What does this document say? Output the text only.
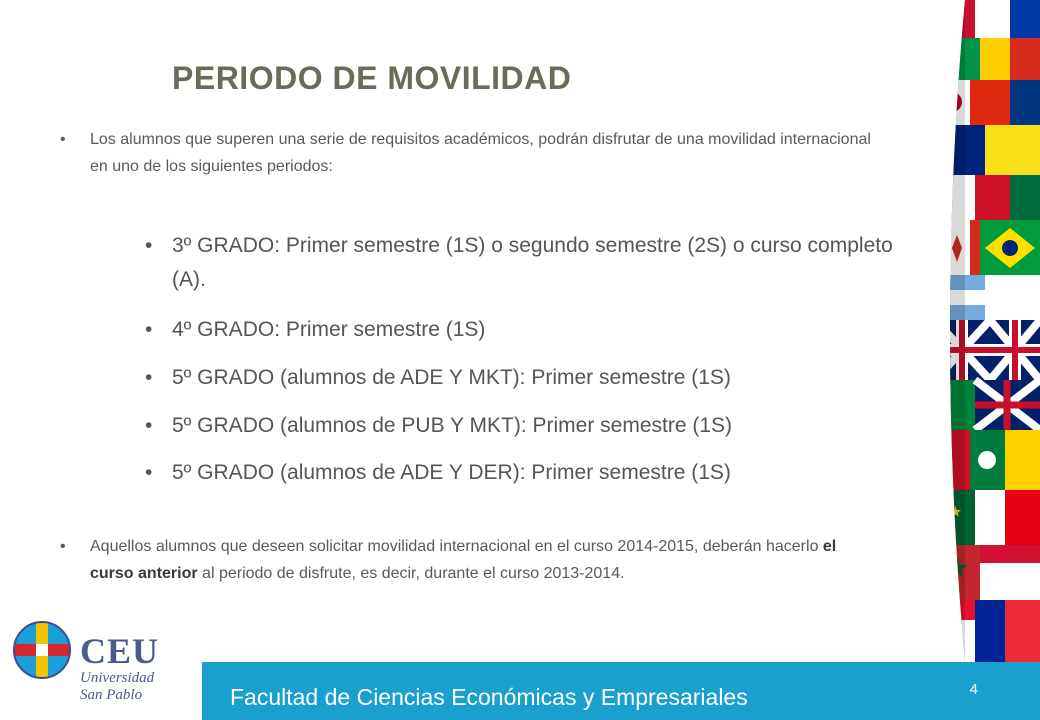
PERIODO DE MOVILIDAD
• Los alumnos que superen una serie de requisitos académicos, podrán disfrutar de una movilidad internacional en uno de los siguientes periodos:
• 3º GRADO: Primer semestre (1S) o segundo semestre (2S) o curso completo (A).
• 4º GRADO: Primer semestre (1S)
• 5º GRADO (alumnos de ADE Y MKT): Primer semestre (1S)
• 5º GRADO (alumnos de PUB Y MKT): Primer semestre (1S)
• 5º GRADO (alumnos de ADE Y DER): Primer semestre (1S)
• Aquellos alumnos que deseen solicitar movilidad internacional en el curso 2014-2015, deberán hacerlo el curso anterior al periodo de disfrute, es decir, durante el curso 2013-2014.
CEU
Universidad
San Pablo	Facultad de Ciencias Económicas y Empresariales	4
